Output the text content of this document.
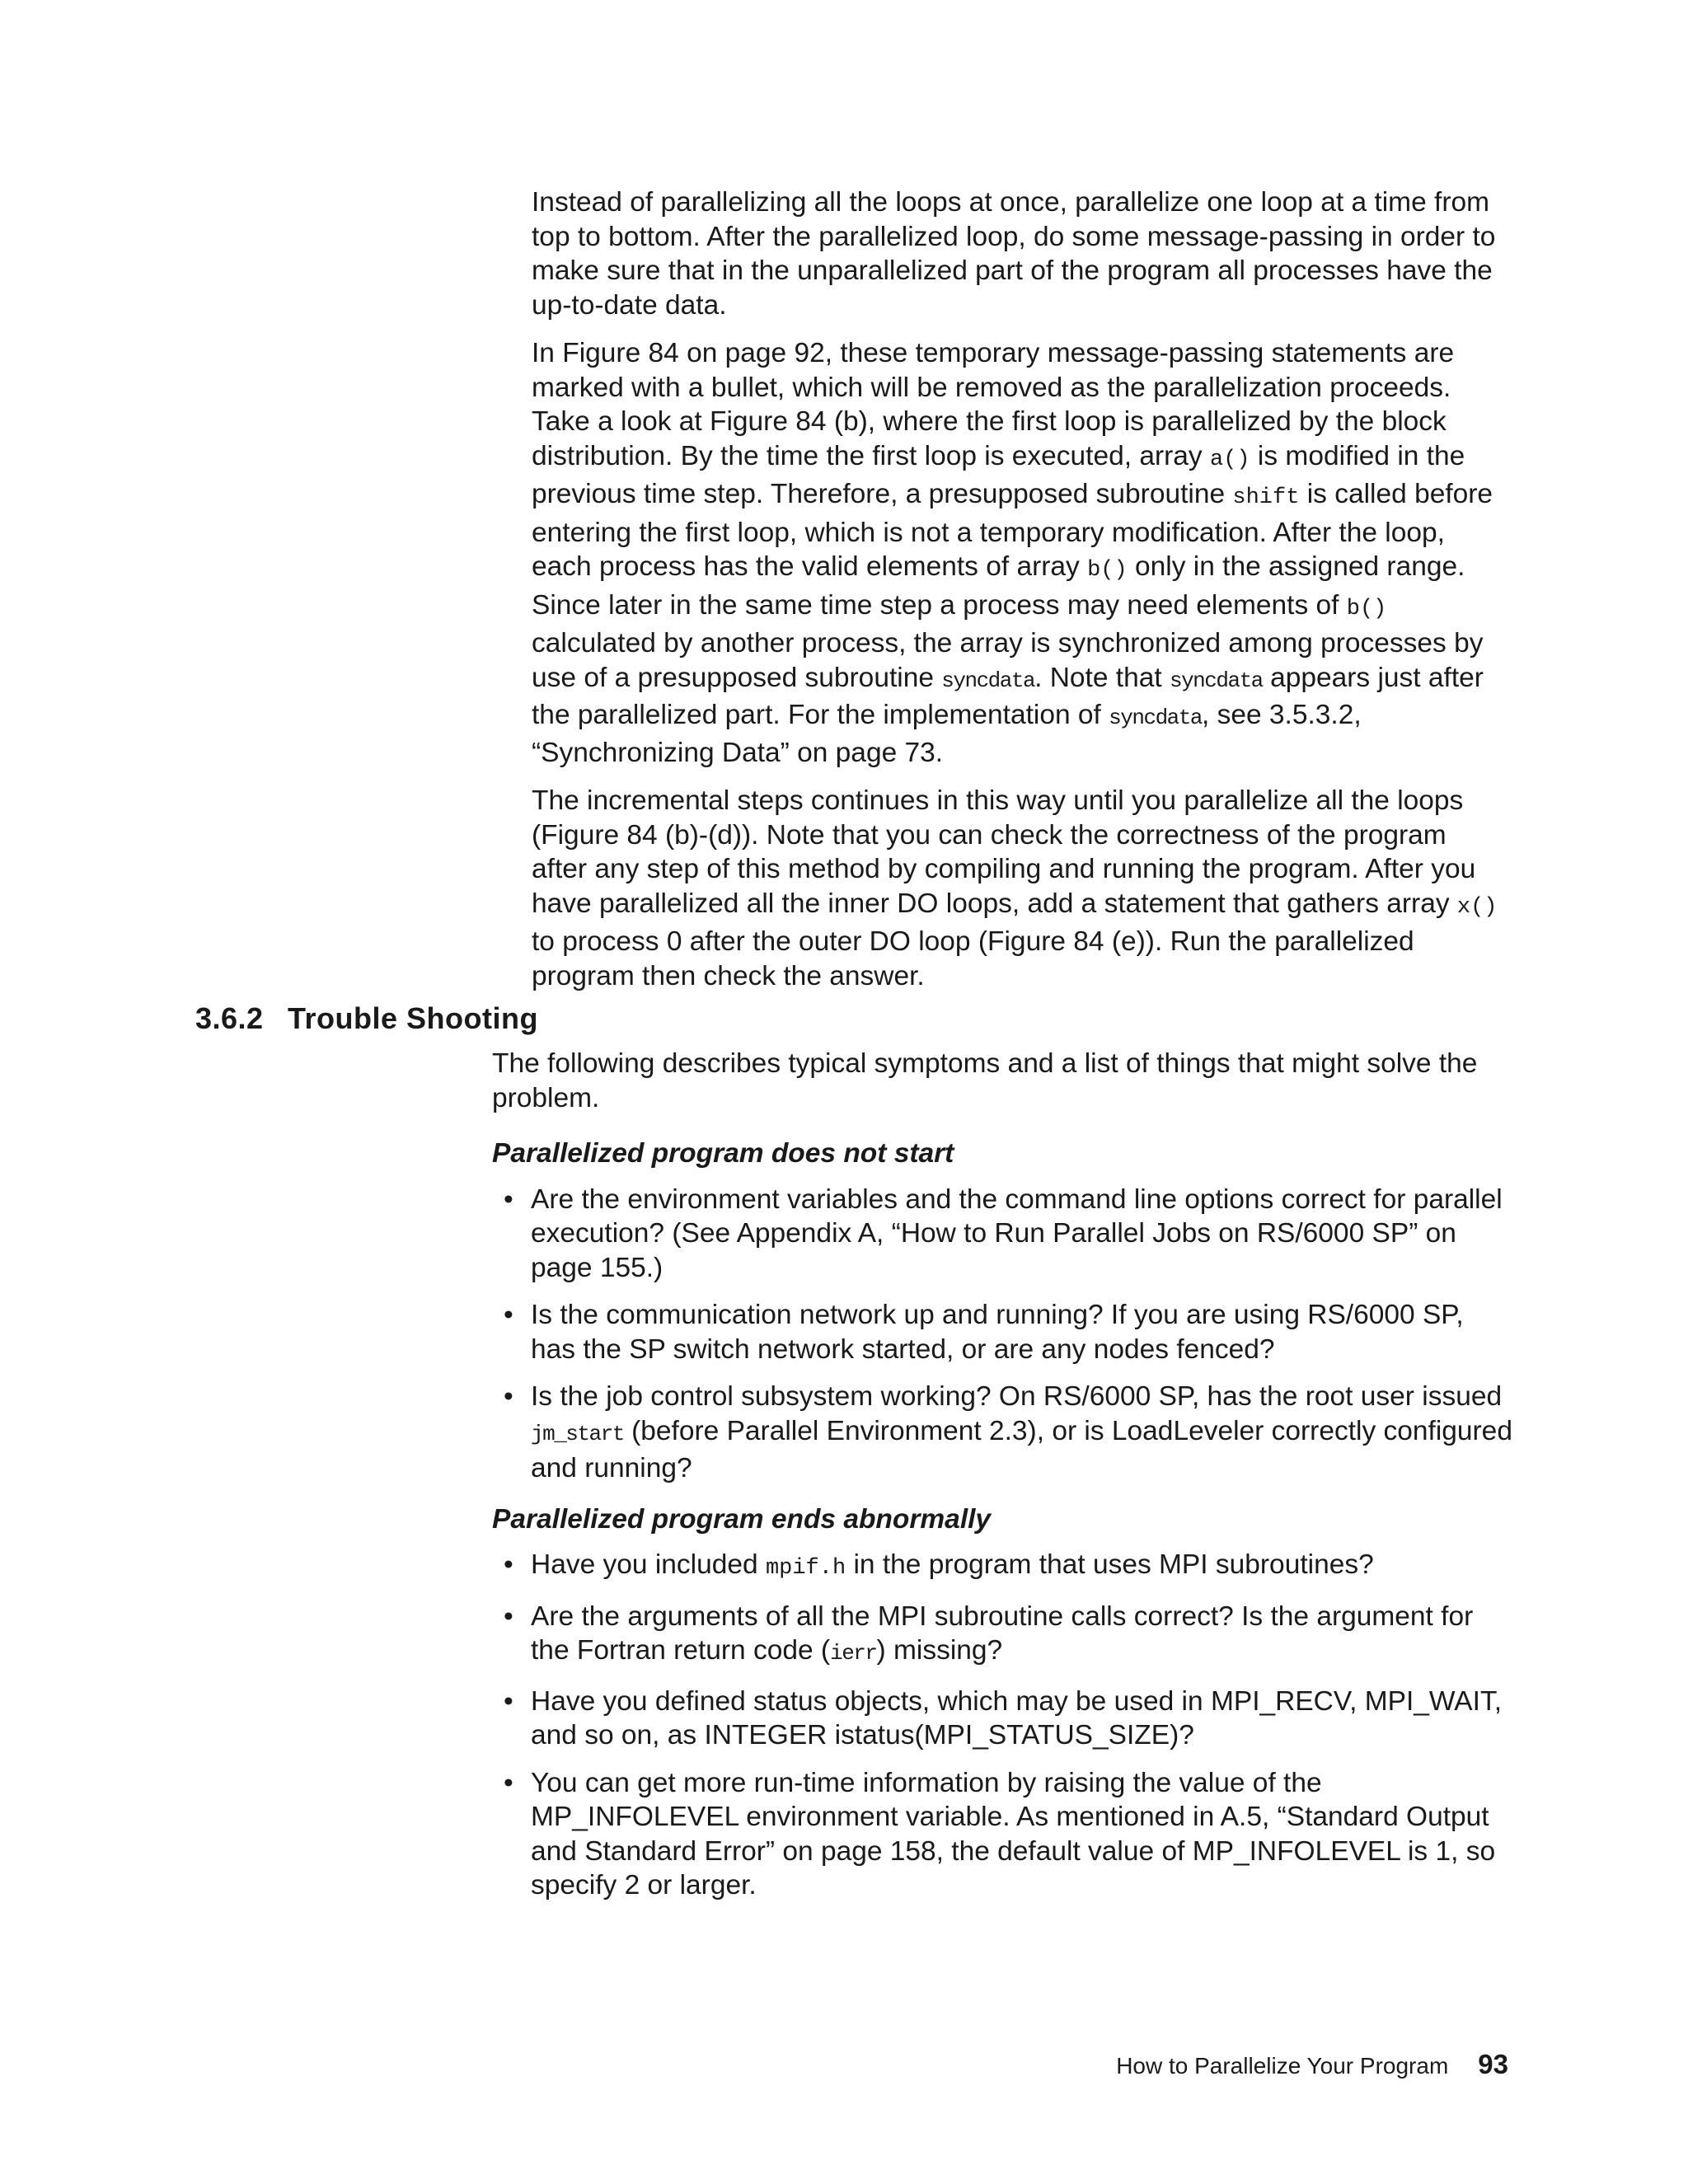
Instead of parallelizing all the loops at once, parallelize one loop at a time from top to bottom. After the parallelized loop, do some message-passing in order to make sure that in the unparallelized part of the program all processes have the up-to-date data.

In Figure 84 on page 92, these temporary message-passing statements are marked with a bullet, which will be removed as the parallelization proceeds. Take a look at Figure 84 (b), where the first loop is parallelized by the block distribution. By the time the first loop is executed, array a() is modified in the previous time step. Therefore, a presupposed subroutine shift is called before entering the first loop, which is not a temporary modification. After the loop, each process has the valid elements of array b() only in the assigned range. Since later in the same time step a process may need elements of b() calculated by another process, the array is synchronized among processes by use of a presupposed subroutine syncdata. Note that syncdata appears just after the parallelized part. For the implementation of syncdata, see 3.5.3.2, “Synchronizing Data” on page 73.

The incremental steps continues in this way until you parallelize all the loops (Figure 84 (b)-(d)). Note that you can check the correctness of the program after any step of this method by compiling and running the program. After you have parallelized all the inner DO loops, add a statement that gathers array x() to process 0 after the outer DO loop (Figure 84 (e)). Run the parallelized program then check the answer.

3.6.2 Trouble Shooting

The following describes typical symptoms and a list of things that might solve the problem.

Parallelized program does not start

• Are the environment variables and the command line options correct for parallel execution? (See Appendix A, “How to Run Parallel Jobs on RS/6000 SP” on page 155.)
• Is the communication network up and running? If you are using RS/6000 SP, has the SP switch network started, or are any nodes fenced?
• Is the job control subsystem working? On RS/6000 SP, has the root user issued jm_start (before Parallel Environment 2.3), or is LoadLeveler correctly configured and running?

Parallelized program ends abnormally

• Have you included mpif.h in the program that uses MPI subroutines?
• Are the arguments of all the MPI subroutine calls correct? Is the argument for the Fortran return code (ierr) missing?
• Have you defined status objects, which may be used in MPI_RECV, MPI_WAIT, and so on, as INTEGER istatus(MPI_STATUS_SIZE)?
• You can get more run-time information by raising the value of the MP_INFOLEVEL environment variable. As mentioned in A.5, “Standard Output and Standard Error” on page 158, the default value of MP_INFOLEVEL is 1, so specify 2 or larger.
How to Parallelize Your Program 93
